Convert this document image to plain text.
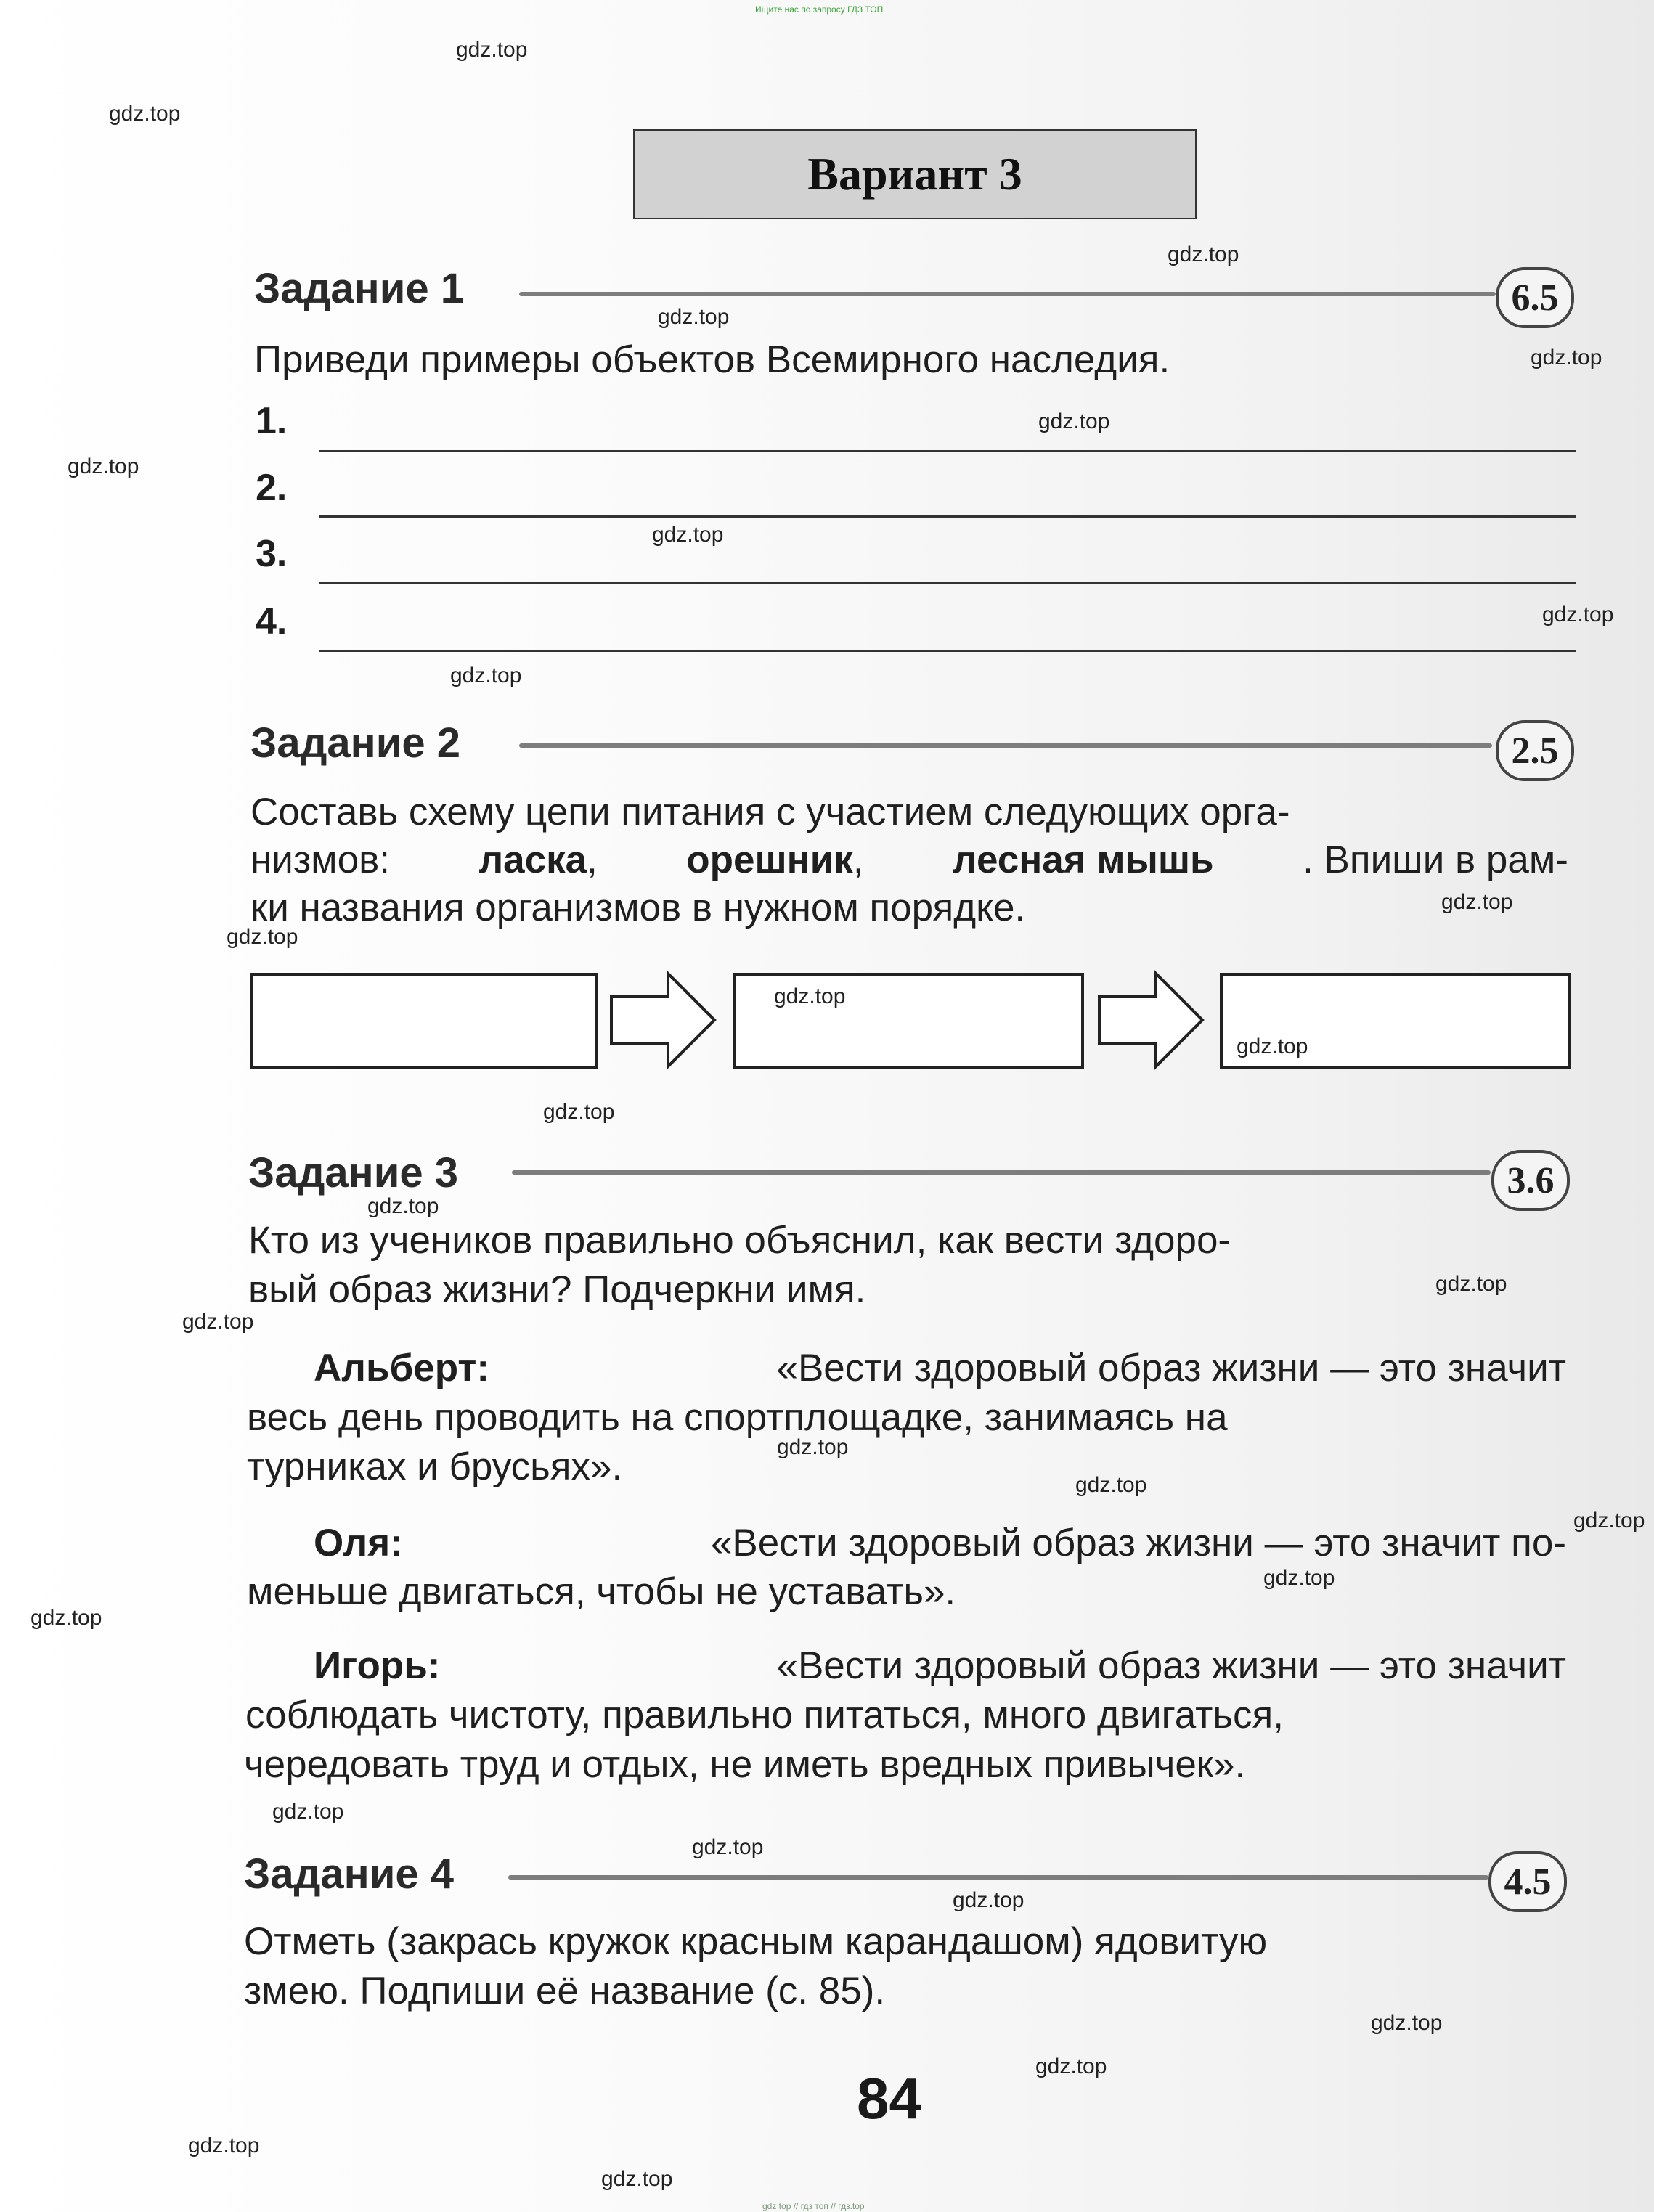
Ищите нас по запросу ГДЗ ТОП
Вариант 3
Задание 1	6.5
Приведи примеры объектов Всемирного наследия.
1.
2.
3.
4.
Задание 2	2.5
Составь схему цепи питания с участием следующих орга-
низмов: ласка, орешник, лесная мышь . Впиши в рам-
ки названия организмов в нужном порядке.
Задание 3	3.6
Кто из учеников правильно объяснил, как вести здоро-
вый образ жизни? Подчеркни имя.
Альберт:	«Вести здоровый образ жизни — это значит
весь день проводить на спортплощадке, занимаясь на
турниках и брусьях».
Оля:	«Вести здоровый образ жизни — это значит по-
меньше двигаться, чтобы не уставать».
Игорь:	«Вести здоровый образ жизни — это значит
соблюдать чистоту, правильно питаться, много двигаться,
чередовать труд и отдых, не иметь вредных привычек».
Задание 4	4.5
Отметь (закрась кружок красным карандашом) ядовитую
змею. Подпиши её название (с. 85).
84
gdz top // гдз топ // гдз.top
gdz.top
gdz.top
gdz.top
gdz.top
gdz.top
gdz.top
gdz.top
gdz.top
gdz.top
gdz.top
gdz.top
gdz.top
gdz.top
gdz.top
gdz.top
gdz.top
gdz.top
gdz.top
gdz.top
gdz.top
gdz.top
gdz.top
gdz.top
gdz.top
gdz.top
gdz.top
gdz.top
gdz.top
gdz.top
gdz.top
